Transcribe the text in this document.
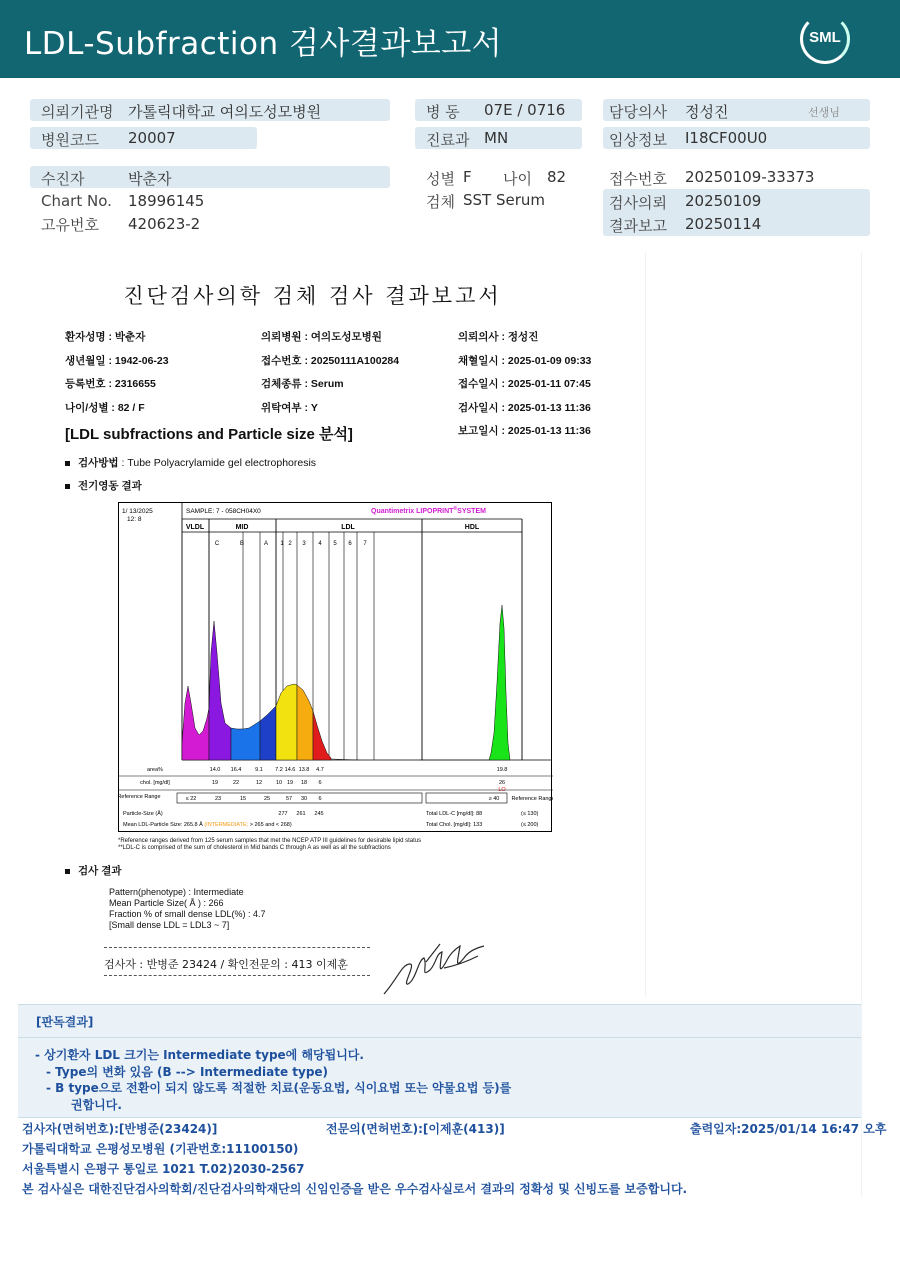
LDL-Subfraction 검사결과보고서	SML
의뢰기관명 가톨릭대학교 여의도성모병원
병원코드 20007
병 동 07E / 0716
진료과 MN
담당의사 정성진	선생님
임상정보 I18CF00U0
수진자	박춘자
Chart No. 18996145
고유번호 420623-2
성별 F 나이 82
검체 SST Serum
접수번호 20250109-33373
검사의뢰 20250109
결과보고 20250114
진단검사의학 검체 검사 결과보고서
환자성명 : 박춘자	의뢰병원 : 여의도성모병원	의뢰의사 : 정성진
생년월일 : 1942-06-23	접수번호 : 20250111A100284	채혈일시 : 2025-01-09 09:33
등록번호 : 2316655	검체종류 : Serum	접수일시 : 2025-01-11 07:45
나이/성별 : 82 / F	위탁여부 : Y	검사일시 : 2025-01-13 11:36
보고일시 : 2025-01-13 11:36
[LDL subfractions and Particle size 분석]
검사방법 : Tube Polyacrylamide gel electrophoresis
전기영동 결과
1/ 13/2025
12: 8
SAMPLE: 7 - 058CH04X0	Quantimetrix LIPOPRINT®SYSTEM
VLDL	MID	LDL	HDL
C	B	A 1 2 3 4 5 6 7
area%	14.0 16.4	9.1 7.2 14.6 13.8 4.7	19.8
chol. [mg/dl]	19	22	12	10 19 18 6	26
LO
Reference Range	Reference Range
≤ 22	23	15	25	57 30 6	≥ 40
Particle-Size (Å)	277 261 245	Total LDL-C [mg/dl]: 88	(≤ 130)
Mean LDL-Particle Size: 265.8 Å (INTERMEDIATE; > 265 and < 268)	Total Chol. [mg/dl]: 133	(≤ 200)
*Reference ranges derived from 125 serum samples that met the NCEP ATP III guidelines for desirable lipid status
**LDL-C is comprised of the sum of cholesterol in Mid bands C through A as well as all the subfractions
검사 결과
Pattern(phenotype) : Intermediate
Mean Particle Size( Å ) : 266
Fraction % of small dense LDL(%) : 4.7
[Small dense LDL = LDL3 ~ 7]
검사자 : 반병준 23424 / 확인전문의 : 413 이제훈
[판독결과]
- 상기환자 LDL 크기는 Intermediate type에 해당됩니다.
- Type의 변화 있음 (B --> Intermediate type)
- B type으로 전환이 되지 않도록 적절한 치료(운동요법, 식이요법 또는 약물요법 등)를
권합니다.
검사자(면허번호):[반병준(23424)]	전문의(면허번호):[이제훈(413)]	출력일자:2025/01/14 16:47 오후
가톨릭대학교 은평성모병원 (기관번호:11100150)
서울특별시 은평구 통일로 1021 T.02)2030-2567
본 검사실은 대한진단검사의학회/진단검사의학재단의 신임인증을 받은 우수검사실로서 결과의 정확성 및 신빙도를 보증합니다.
